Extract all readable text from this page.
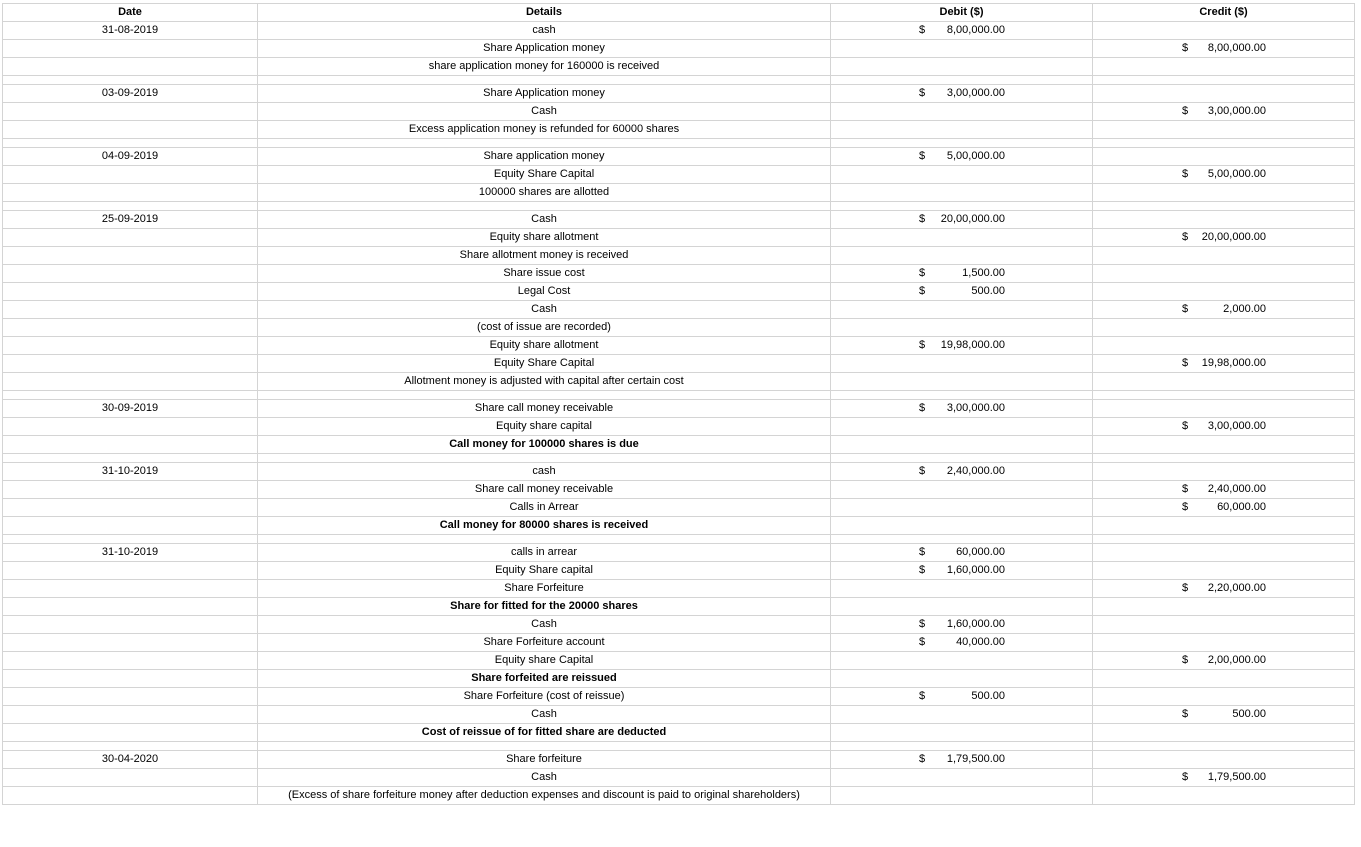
Date	Details	Debit ($)	Credit ($)
31-08-2019	cash	$ 8,00,000.00	

	Share Application money		$ 8,00,000.00

	share application money for 160000 is received	

03-09-2019	Share Application money	$ 3,00,000.00	

	Cash		$ 3,00,000.00

	Excess application money is refunded for 60000 shares	

04-09-2019	Share application money	$ 5,00,000.00	

	Equity Share Capital		$ 5,00,000.00

	100000 shares are allotted	

25-09-2019	Cash	$ 20,00,000.00	

	Equity share allotment		$ 20,00,000.00

	Share allotment money is received	

	Share issue cost	$ 1,500.00	

	Legal Cost	$ 500.00	

	Cash		$ 2,000.00

	(cost of issue are recorded)	

	Equity share allotment	$ 19,98,000.00	

	Equity Share Capital		$ 19,98,000.00

	Allotment money is adjusted with capital after certain cost	

30-09-2019	Share call money receivable	$ 3,00,000.00	

	Equity share capital		$ 3,00,000.00

	Call money for 100000 shares is due	

31-10-2019	cash	$ 2,40,000.00	

	Share call money receivable		$ 2,40,000.00

	Calls in Arrear		$ 60,000.00

	Call money for 80000 shares is received	

31-10-2019	calls in arrear	$ 60,000.00	

	Equity Share capital	$ 1,60,000.00	

	Share Forfeiture		$ 2,20,000.00

	Share for fitted for the 20000 shares	

	Cash	$ 1,60,000.00	

	Share Forfeiture account	$ 40,000.00	

	Equity share Capital		$ 2,00,000.00

	Share forfeited are reissued	

	Share Forfeiture (cost of reissue)	$ 500.00	

	Cash		$ 500.00

	Cost of reissue of for fitted share are deducted	

30-04-2020	Share forfeiture	$ 1,79,500.00	

	Cash		$ 1,79,500.00

	(Excess of share forfeiture money after deduction expenses and discount is paid to original shareholders)	
